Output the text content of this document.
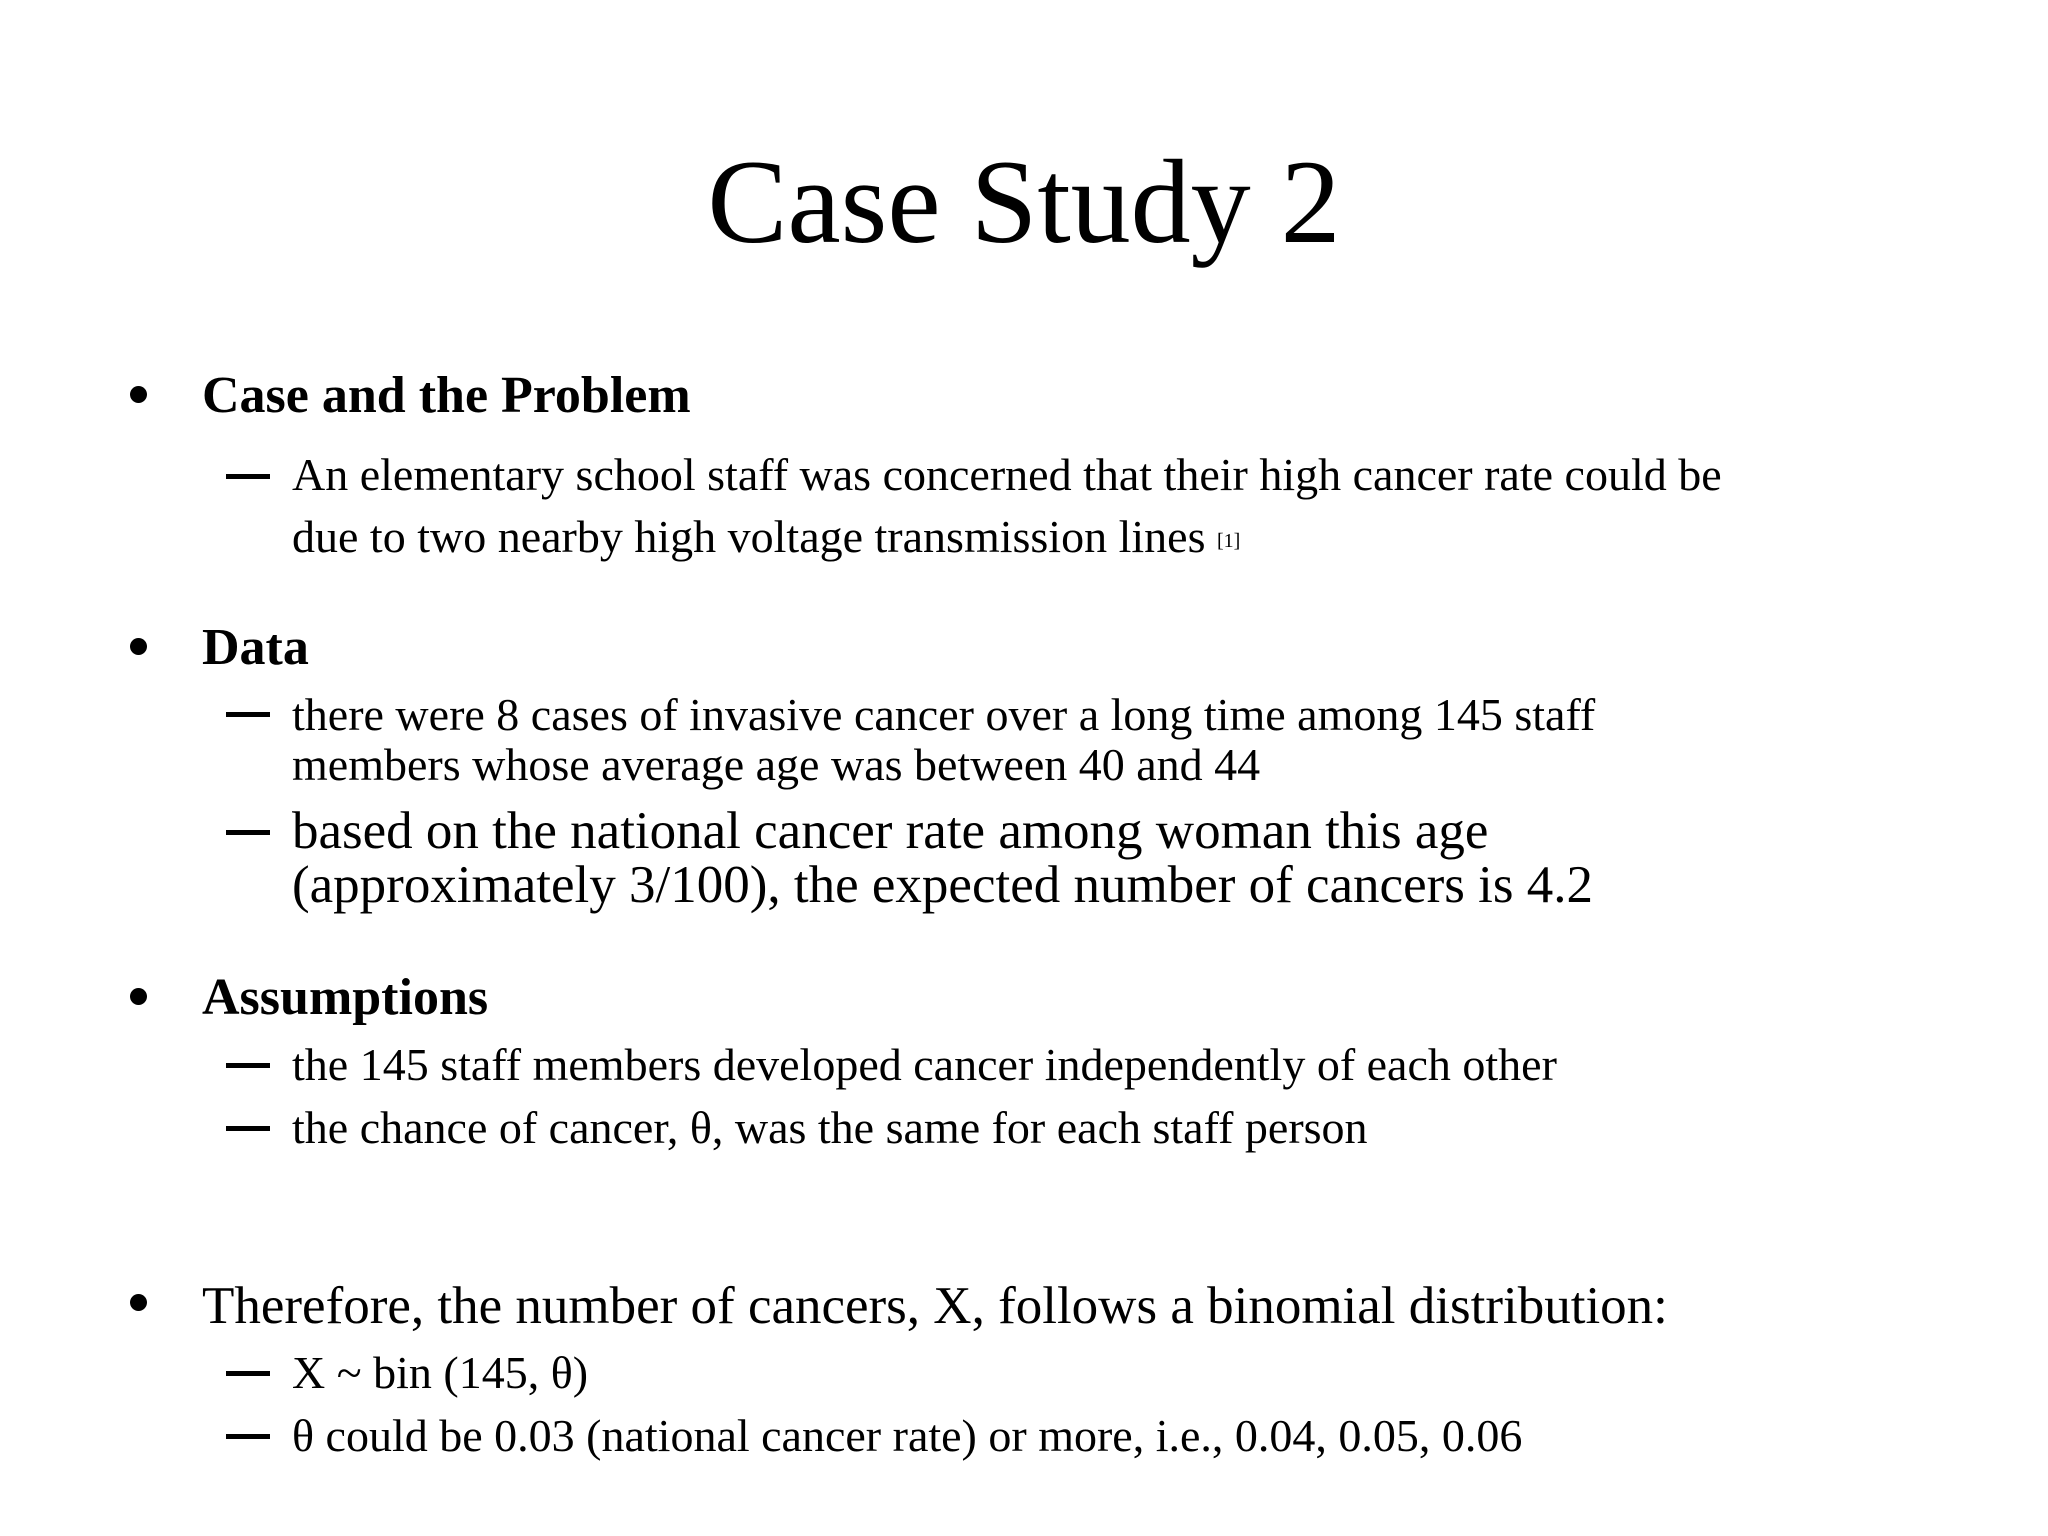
Case Study 2
Case and the Problem
An elementary school staff was concerned that their high cancer rate could be
due to two nearby high voltage transmission lines [1]
Data
there were 8 cases of invasive cancer over a long time among 145 staff
members whose average age was between 40 and 44
based on the national cancer rate among woman this age
(approximately 3/100), the expected number of cancers is 4.2
Assumptions
the 145 staff members developed cancer independently of each other
the chance of cancer, θ, was the same for each staff person
Therefore, the number of cancers, X, follows a binomial distribution:
X ~ bin (145, θ)
θ could be 0.03 (national cancer rate) or more, i.e., 0.04, 0.05, 0.06
